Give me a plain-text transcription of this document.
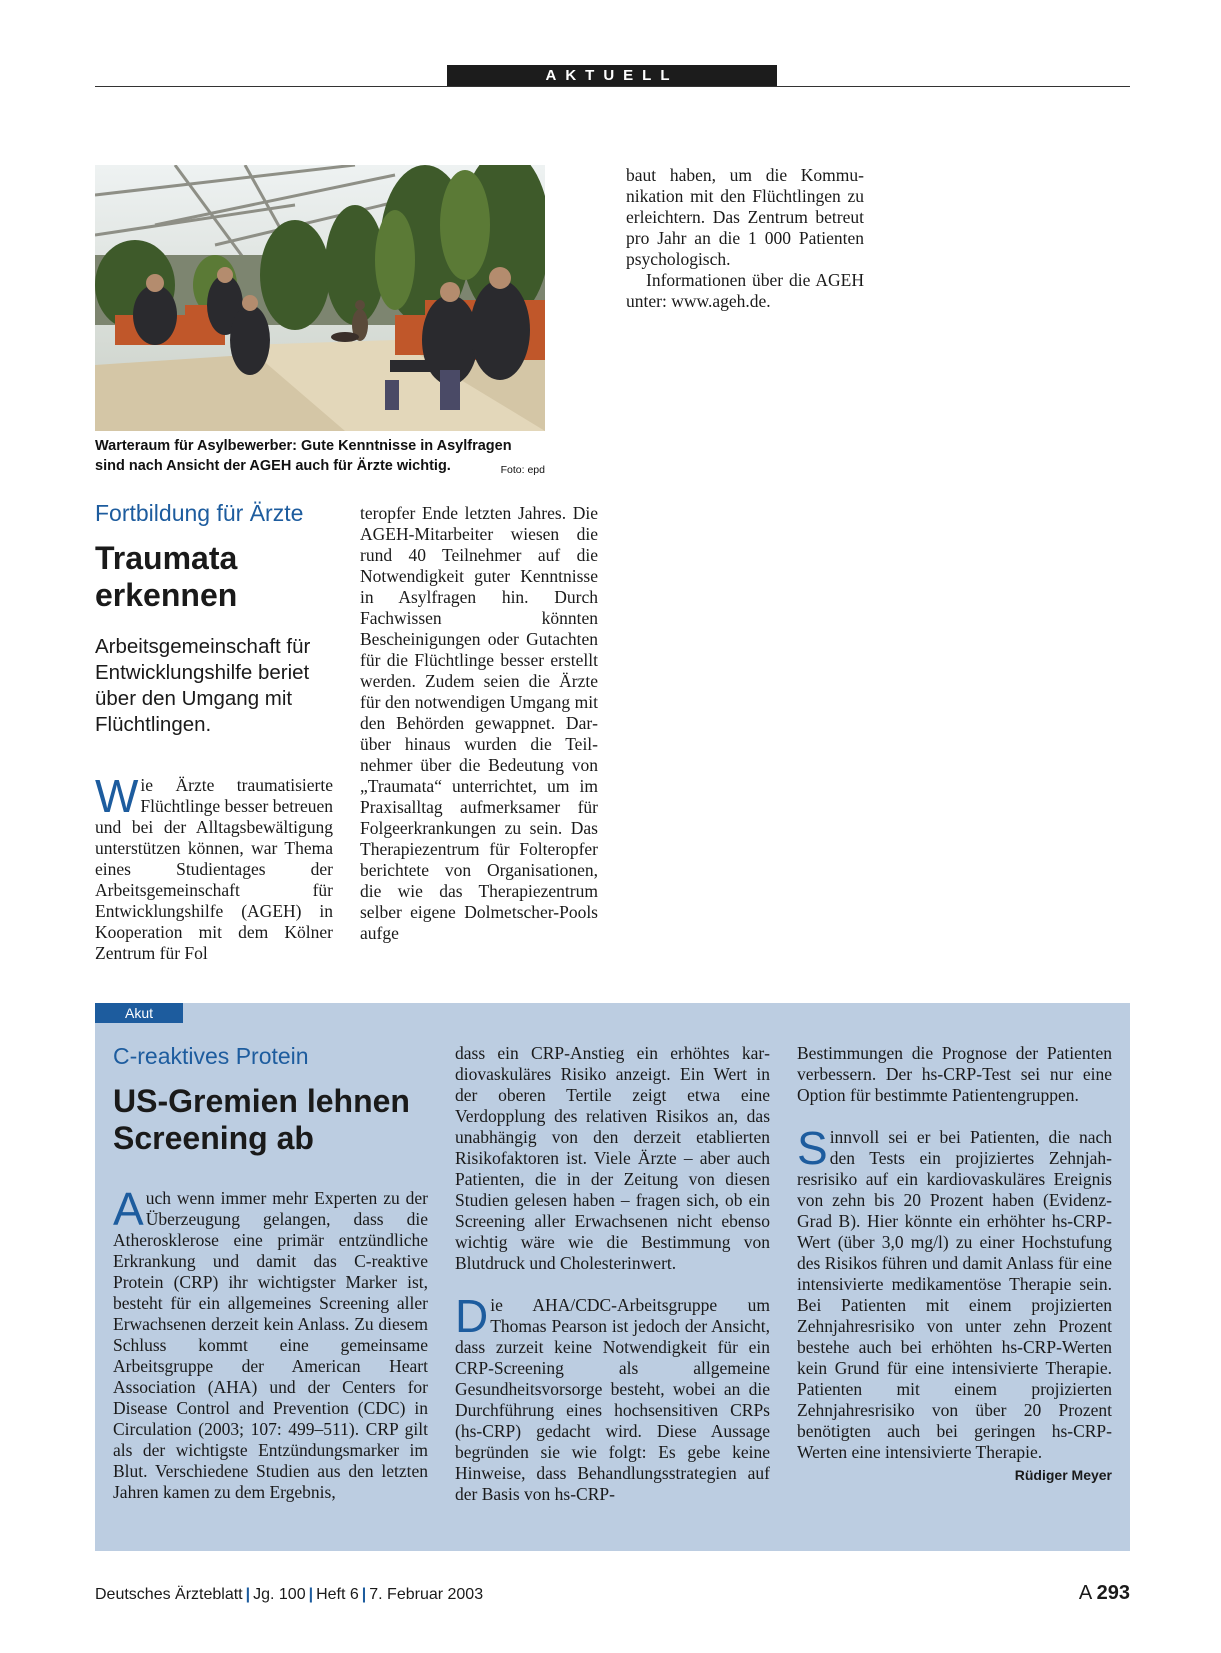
AKTUELL
Warteraum für Asylbewerber: Gute Kenntnisse in Asylfragen sind nach Ansicht der AGEH auch für Ärzte wichtig.	Foto: epd
Fortbildung für Ärzte
Traumata
erkennen
Arbeitsgemeinschaft für Entwicklungshilfe beriet über den Umgang mit Flüchtlingen.

Wie Ärzte traumatisierte Flüchtlinge besser betreuen und bei der Alltagsbewältigung unterstützen können, war Thema eines Studientages der Arbeitsgemeinschaft für Entwicklungshilfe (AGEH) in Kooperation mit dem Kölner Zentrum für Fol

teropfer Ende letzten Jahres. Die AGEH-Mitarbeiter wiesen die rund 40 Teilnehmer auf die Notwendigkeit guter Kenntnisse in Asylfragen hin. Durch Fachwissen könnten Bescheinigungen oder Gutachten für die Flüchtlinge besser erstellt werden. Zudem seien die Ärzte für den notwendigen Umgang mit den Behörden gewappnet. Darüber hinaus wurden die Teilnehmer über die Bedeutung von „Traumata“ unterrichtet, um im Praxisalltag aufmerksamer für Folgeerkrankungen zu sein. Das Therapiezentrum für Folteropfer berichtete von Organisationen, die wie das Therapiezentrum selber eigene Dolmetscher-Pools aufge

baut haben, um die Kommunikation mit den Flüchtlingen zu erleichtern. Das Zentrum betreut pro Jahr an die 1 000 Patienten psychologisch.

Informationen über die AGEH unter: www.ageh.de.

Akut
C-reaktives Protein
US-Gremien lehnen
Screening ab

Auch wenn immer mehr Experten zu der Überzeugung gelangen, dass die Atherosklerose eine primär entzündliche Erkrankung und damit das C-reaktive Protein (CRP) ihr wichtigster Marker ist, besteht für ein allgemeines Screening aller Erwachsenen derzeit kein Anlass. Zu diesem Schluss kommt eine gemeinsame Arbeitsgruppe der American Heart Association (AHA) und der Centers for Disease Control and Prevention (CDC) in Circulation (2003; 107: 499–511). CRP gilt als der wichtigste Entzündungsmarker im Blut. Verschiedene Studien aus den letzten Jahren kamen zu dem Ergebnis,

dass ein CRP-Anstieg ein erhöhtes kardiovaskuläres Risiko anzeigt. Ein Wert in der oberen Tertile zeigt etwa eine Verdopplung des relativen Risikos an, das unabhängig von den derzeit etablierten Risikofaktoren ist. Viele Ärzte – aber auch Patienten, die in der Zeitung von diesen Studien gelesen haben – fragen sich, ob ein Screening aller Erwachsenen nicht ebenso wichtig wäre wie die Bestimmung von Blutdruck und Cholesterinwert.

Die AHA/CDC-Arbeitsgruppe um Thomas Pearson ist jedoch der Ansicht, dass zurzeit keine Notwendigkeit für ein CRP-Screening als allgemeine Gesundheitsvorsorge besteht, wobei an die Durchführung eines hochsensitiven CRPs (hs-CRP) gedacht wird. Diese Aussage begründen sie wie folgt: Es gebe keine Hinweise, dass Behandlungsstrategien auf der Basis von hs-CRP-

Bestimmungen die Prognose der Patienten verbessern. Der hs-CRP-Test sei nur eine Option für bestimmte Patientengruppen.

Sinnvoll sei er bei Patienten, die nach den Tests ein projiziertes Zehnjahresrisiko auf ein kardiovaskuläres Ereignis von zehn bis 20 Prozent haben (Evidenz-Grad B). Hier könnte ein erhöhter hs-CRP-Wert (über 3,0 mg/l) zu einer Hochstufung des Risikos führen und damit Anlass für eine intensivierte medikamentöse Therapie sein. Bei Patienten mit einem projizierten Zehnjahresrisiko von unter zehn Prozent bestehe auch bei erhöhten hs-CRP-Werten kein Grund für eine intensivierte Therapie. Patienten mit einem projizierten Zehnjahresrisiko von über 20 Prozent benötigten auch bei geringen hs-CRP-Werten eine intensivierte Therapie.
Rüdiger Meyer

Deutsches Ärzteblatt | Jg. 100 | Heft 6 | 7. Februar 2003	A 293
